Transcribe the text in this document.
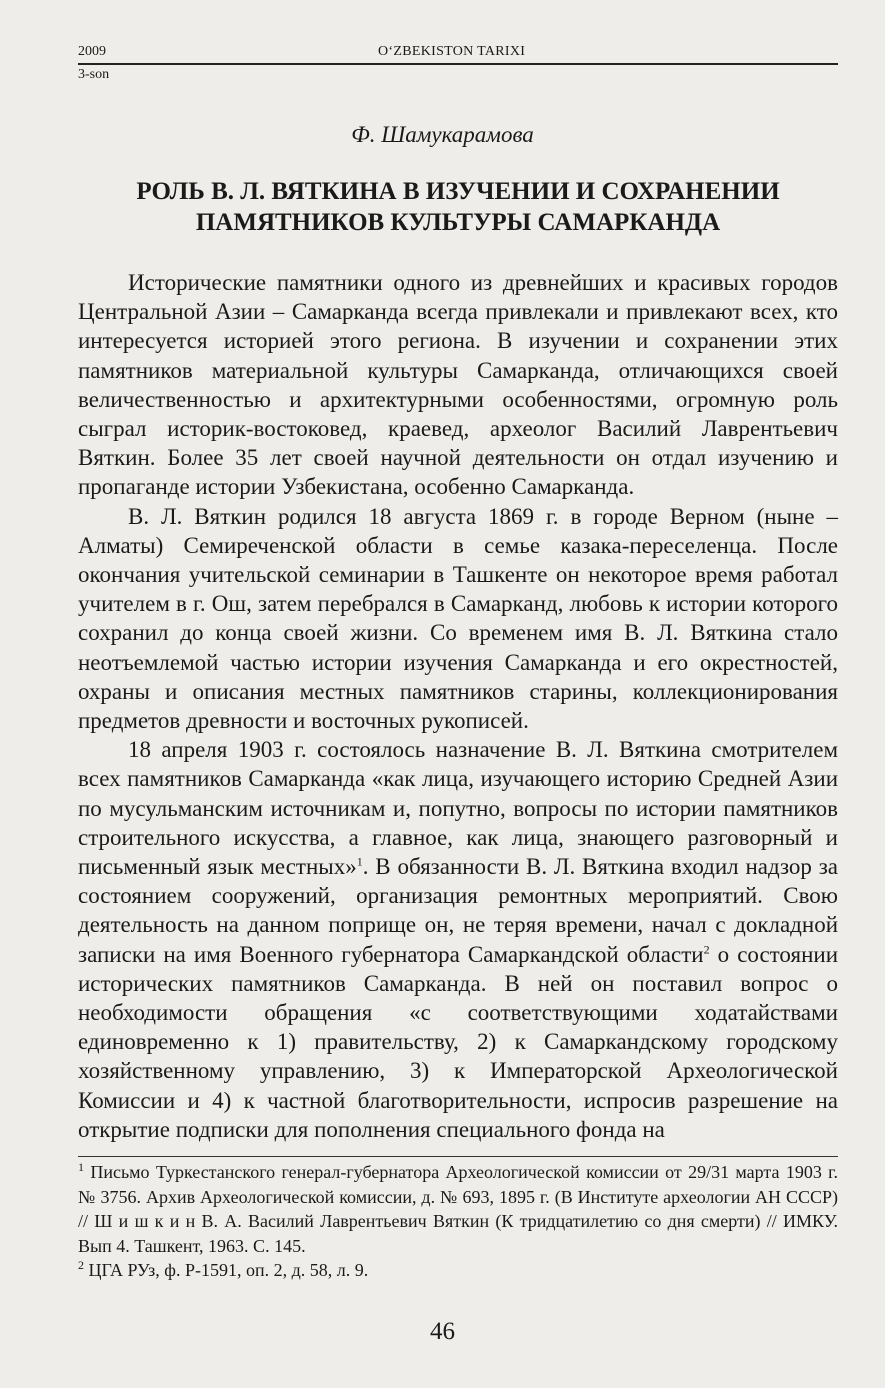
2009	O‘ZBEKISTON TARIXI
3-son
Ф. Шамукарамова
РОЛЬ В. Л. ВЯТКИНА В ИЗУЧЕНИИ И СОХРАНЕНИИ
ПАМЯТНИКОВ КУЛЬТУРЫ САМАРКАНДА

Исторические памятники одного из древнейших и красивых городов Центральной Азии – Самарканда всегда привлекали и привлекают всех, кто интересуется историей этого региона. В изучении и сохранении этих памятников материальной культуры Самарканда, отличающихся своей величественностью и архитектурными особенностями, огромную роль сыграл историк-востоковед, краевед, археолог Василий Лаврентьевич Вяткин. Более 35 лет своей научной деятельности он отдал изучению и пропаганде истории Узбекистана, особенно Самарканда.

В. Л. Вяткин родился 18 августа 1869 г. в городе Верном (ныне – Алматы) Семиреченской области в семье казака-переселенца. После окончания учительской семинарии в Ташкенте он некоторое время работал учителем в г. Ош, затем перебрался в Самарканд, любовь к истории которого сохранил до конца своей жизни. Со временем имя В. Л. Вяткина стало неотъемлемой частью истории изучения Самарканда и его окрестностей, охраны и описания местных памятников старины, коллекционирования предметов древности и восточных рукописей.

18 апреля 1903 г. состоялось назначение В. Л. Вяткина смотрителем всех памятников Самарканда «как лица, изучающего историю Средней Азии по мусульманским источникам и, попутно, вопросы по истории памятников строительного искусства, а главное, как лица, знающего разговорный и письменный язык местных»$^1$. В обязанности В. Л. Вяткина входил надзор за состоянием сооружений, организация ремонтных мероприятий. Свою деятельность на данном поприще он, не теряя времени, начал с докладной записки на имя Военного губернатора Самаркандской области$^2$ о состоянии исторических памятников Самарканда. В ней он поставил вопрос о необходимости обращения «с соответствующими ходатайствами единовременно к 1) правительству, 2) к Самаркандскому городскому хозяйственному управлению, 3) к Императорской Археологической Комиссии и 4) к частной благотворительности, испросив разрешение на открытие подписки для пополнения специального фонда на

$^1$ Письмо Туркестанского генерал-губернатора Археологической комиссии от 29/31 марта 1903 г. № 3756. Архив Археологической комиссии, д. № 693, 1895 г. (В Институте археологии АН СССР) // Ш и ш к и н В. А. Василий Лаврентьевич Вяткин (К тридцатилетию со дня смерти) // ИМКУ. Вып 4. Ташкент, 1963. С. 145.

$^2$ ЦГА РУз, ф. Р-1591, оп. 2, д. 58, л. 9.

46
